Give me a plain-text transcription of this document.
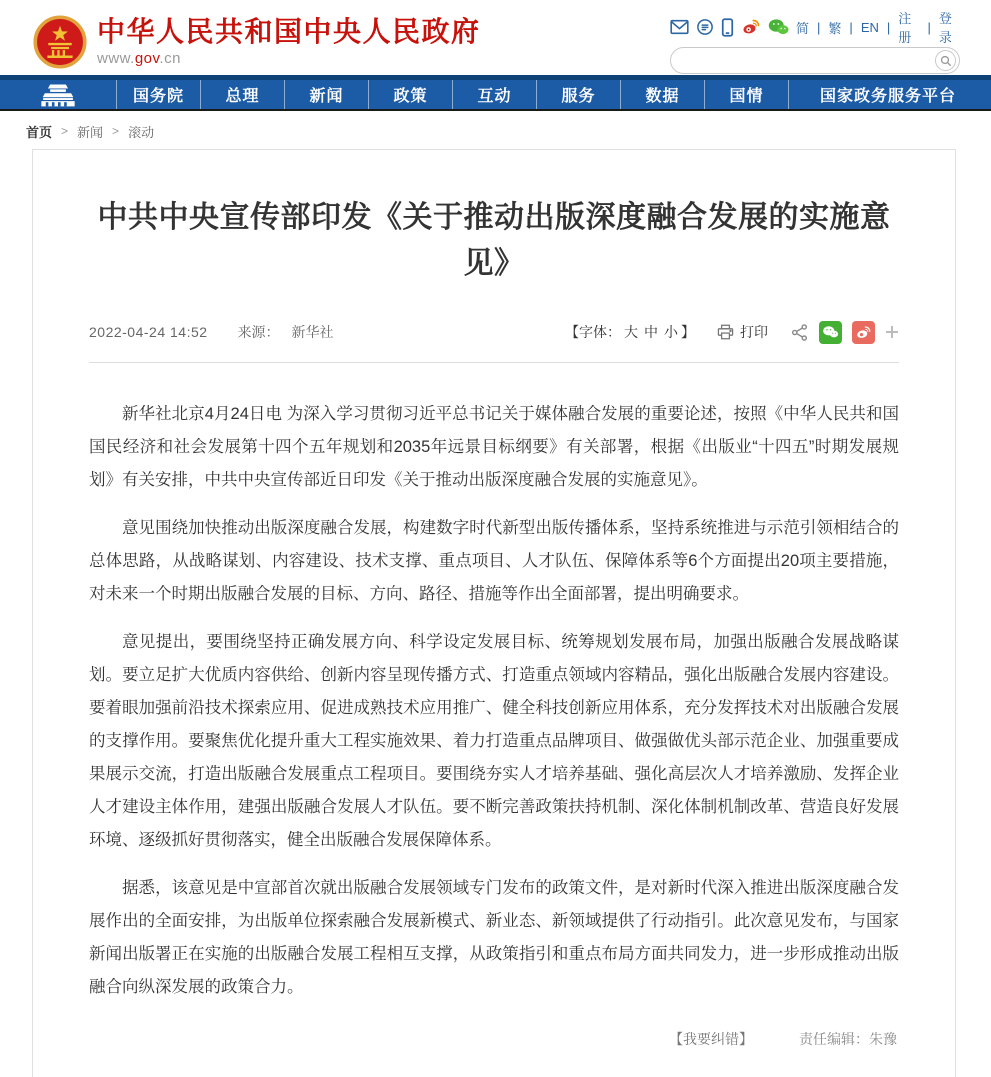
中华人民共和国中央人民政府
www.gov.cn
简 | 繁 | EN |
注册
|
登录
国务院	总理	新闻	政策	互动	服务	数据	国情	国家政务服务平台
首页 > 新闻 > 滚动
中共中央宣传部印发《关于推动出版深度融合发展的实施意见》
2022-04-24 14:52 来源： 新华社	【字体： 大 中 小 】	打印

新华社北京4月24日电 为深入学习贯彻习近平总书记关于媒体融合发展的重要论述，按照《中华人民共和国国民经济和社会发展第十四个五年规划和2035年远景目标纲要》有关部署，根据《出版业“十四五”时期发展规划》有关安排，中共中央宣传部近日印发《关于推动出版深度融合发展的实施意见》。

意见围绕加快推动出版深度融合发展，构建数字时代新型出版传播体系，坚持系统推进与示范引领相结合的总体思路，从战略谋划、内容建设、技术支撑、重点项目、人才队伍、保障体系等6个方面提出20项主要措施，对未来一个时期出版融合发展的目标、方向、路径、措施等作出全面部署，提出明确要求。

意见提出，要围绕坚持正确发展方向、科学设定发展目标、统筹规划发展布局，加强出版融合发展战略谋划。要立足扩大优质内容供给、创新内容呈现传播方式、打造重点领域内容精品，强化出版融合发展内容建设。要着眼加强前沿技术探索应用、促进成熟技术应用推广、健全科技创新应用体系，充分发挥技术对出版融合发展的支撑作用。要聚焦优化提升重大工程实施效果、着力打造重点品牌项目、做强做优头部示范企业、加强重要成果展示交流，打造出版融合发展重点工程项目。要围绕夯实人才培养基础、强化高层次人才培养激励、发挥企业人才建设主体作用，建强出版融合发展人才队伍。要不断完善政策扶持机制、深化体制机制改革、营造良好发展环境、逐级抓好贯彻落实，健全出版融合发展保障体系。

据悉，该意见是中宣部首次就出版融合发展领域专门发布的政策文件，是对新时代深入推进出版深度融合发展作出的全面安排，为出版单位探索融合发展新模式、新业态、新领域提供了行动指引。此次意见发布，与国家新闻出版署正在实施的出版融合发展工程相互支撑，从政策指引和重点布局方面共同发力，进一步形成推动出版融合向纵深发展的政策合力。

【我要纠错】	责任编辑：朱豫
